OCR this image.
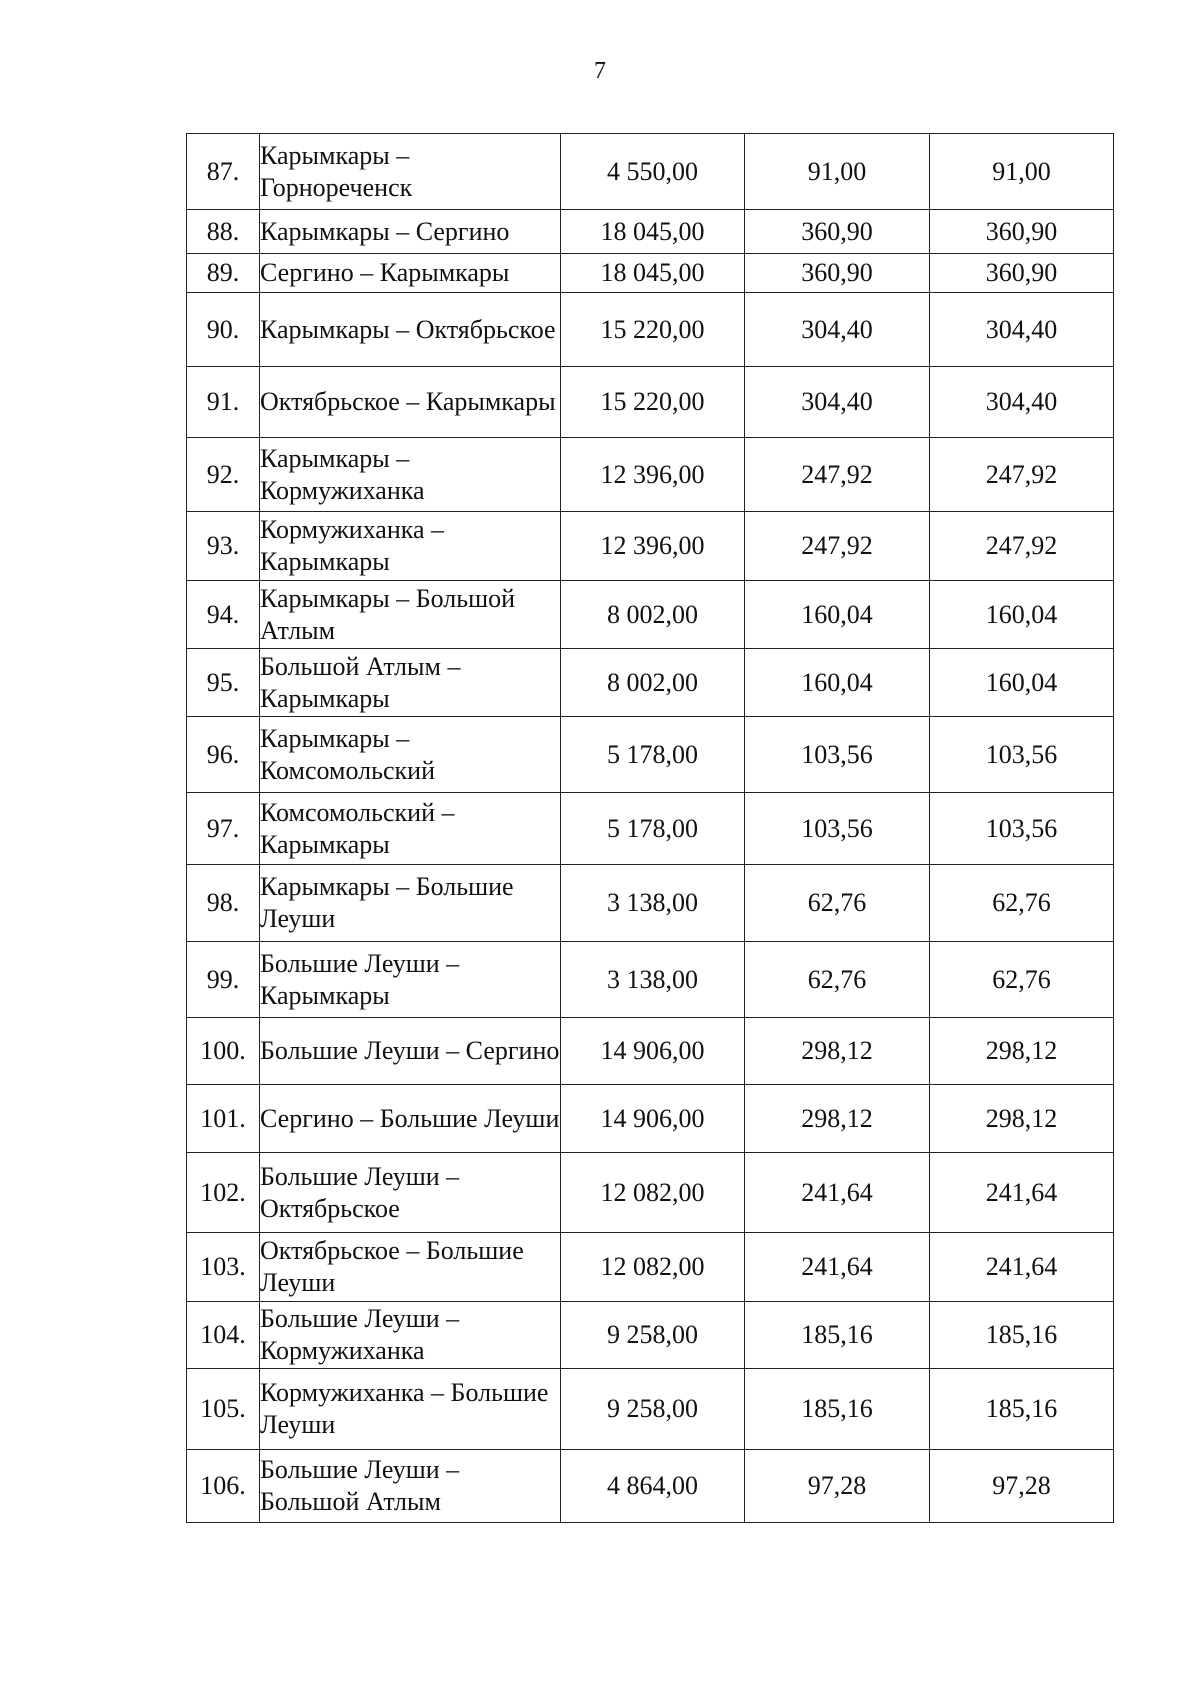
7
87.	Карымкары – Горнореченск	4 550,00	91,00	91,00
88.	Карымкары – Сергино	18 045,00	360,90	360,90
89.	Сергино – Карымкары	18 045,00	360,90	360,90
90.	Карымкары – Октябрьское	15 220,00	304,40	304,40
91.	Октябрьское – Карымкары	15 220,00	304,40	304,40
92.	Карымкары – Кормужиханка	12 396,00	247,92	247,92
93.	Кормужиханка – Карымкары	12 396,00	247,92	247,92
94.	Карымкары – Большой Атлым	8 002,00	160,04	160,04
95.	Большой Атлым – Карымкары	8 002,00	160,04	160,04
96.	Карымкары – Комсомольский	5 178,00	103,56	103,56
97.	Комсомольский – Карымкары	5 178,00	103,56	103,56
98.	Карымкары – Большие Леуши	3 138,00	62,76	62,76
99.	Большие Леуши – Карымкары	3 138,00	62,76	62,76
100.	Большие Леуши – Сергино	14 906,00	298,12	298,12
101.	Сергино – Большие Леуши	14 906,00	298,12	298,12
102.	Большие Леуши – Октябрьское	12 082,00	241,64	241,64
103.	Октябрьское – Большие Леуши	12 082,00	241,64	241,64
104.	Большие Леуши – Кормужиханка	9 258,00	185,16	185,16
105.	Кормужиханка – Большие Леуши	9 258,00	185,16	185,16
106.	Большие Леуши – Большой Атлым	4 864,00	97,28	97,28
